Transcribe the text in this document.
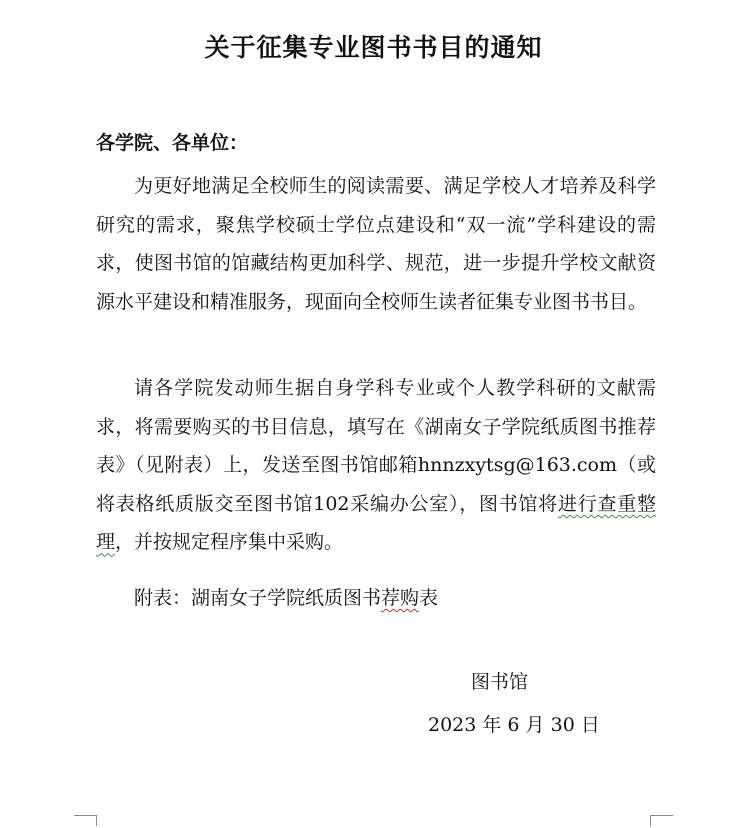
关于征集专业图书书目的通知
各学院、各单位：
为更好地满足全校师生的阅读需要、满足学校人才培养及科学研究的需求，聚焦学校硕士学位点建设和“双一流”学科建设的需求，使图书馆的馆藏结构更加科学、规范，进一步提升学校文献资源水平建设和精准服务，现面向全校师生读者征集专业图书书目。
请各学院发动师生据自身学科专业或个人教学科研的文献需求，将需要购买的书目信息，填写在《湖南女子学院纸质图书推荐表》（见附表）上，发送至图书馆邮箱hnnzxytsg@163.com（或将表格纸质版交至图书馆102采编办公室），图书馆将进行查重整理，并按规定程序集中采购。
附表：湖南女子学院纸质图书荐购表
图书馆
2023 年 6 月 30 日
